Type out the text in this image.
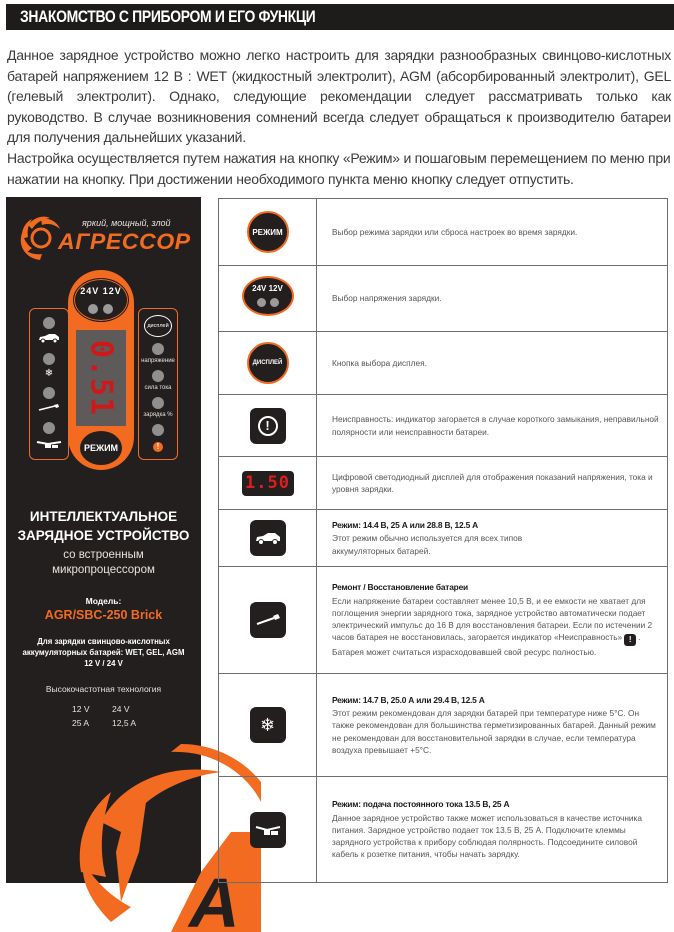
ЗНАКОМСТВО С ПРИБОРОМ И ЕГО ФУНКЦИ

Данное зарядное устройство можно легко настроить для зарядки разнообразных свинцово-кислотных батарей напряжением 12 В : WET (жидкостный электролит), AGM (абсорбированный электролит), GEL (гелевый электролит). Однако, следующие рекомендации следует рассматривать только как руководство. В случае возникновения сомнений всегда следует обращаться к производителю батареи для получения дальнейших указаний.

Настройка осуществляется путем нажатия на кнопку «Режим» и пошаговым перемещением по меню при нажатии на кнопку. При достижении необходимого пункта меню кнопку следует отпустить.

яркий, мощный, злой
АГРЕССОР
24V 12V
0.51
РЕЖИМ
❄
дисплей
напряжение
сила тока
зарядка %
!
ИНТЕЛЛЕКТУАЛЬНОЕ
ЗАРЯДНОЕ УСТРОЙСТВО
со встроенным
микропроцессором
Модель:
AGR/SBC-250 Brick
Для зарядки свинцово-кислотных
аккумуляторных батарей: WET, GEL, AGM
12 V / 24 V
Высокочастотная технология
12 V	24 V
25 A	12,5 A
A
РЕЖИМ	Выбор режима зарядки или сброса настроек во время зарядки.

24V 12V
	Выбор напряжения зарядки.
ДИСПЛЕЙ	Кнопка выбора дисплея.

!	Неисправность: индикатор загорается в случае короткого замыкания, неправильной полярности или неисправности батареи.
1.50	Цифровой светодиодный дисплей для отображения показаний напряжения, тока и уровня зарядки.

Режим: 14.4 В, 25 А или 28.8 В, 12.5 А
Этот режим обычно используется для всех типов аккумуляторных батарей.

Ремонт / Восстановление батареи
Если напряжение батареи составляет менее 10,5 В, и ее емкости не хватает для поглощения энергии зарядного тока, зарядное устройство автоматически подает электрический импульс до 16 В для восстановления батареи. Если по истечении 2 часов батарея не восстановилась, загорается индикатор «Неисправность» ! . Батарея может считаться израсходовавшей свой ресурс полностью.

❄	
Режим: 14.7 В, 25.0 А или 29.4 В, 12.5 А
Этот режим рекомендован для зарядки батарей при температуре ниже 5°С. Он также рекомендован для большинства герметизированных батарей. Данный режим не рекомендован для восстановительной зарядки в случае, если температура воздуха превышает +5°С.

Режим: подача постоянного тока 13.5 В, 25 А
Данное зарядное устройство также может использоваться в качестве источника питания. Зарядное устройство подает ток 13.5 В, 25 А. Подключите клеммы зарядного устройства к прибору соблюдая полярность. Подсоедините силовой кабель к розетке питания, чтобы начать зарядку.
